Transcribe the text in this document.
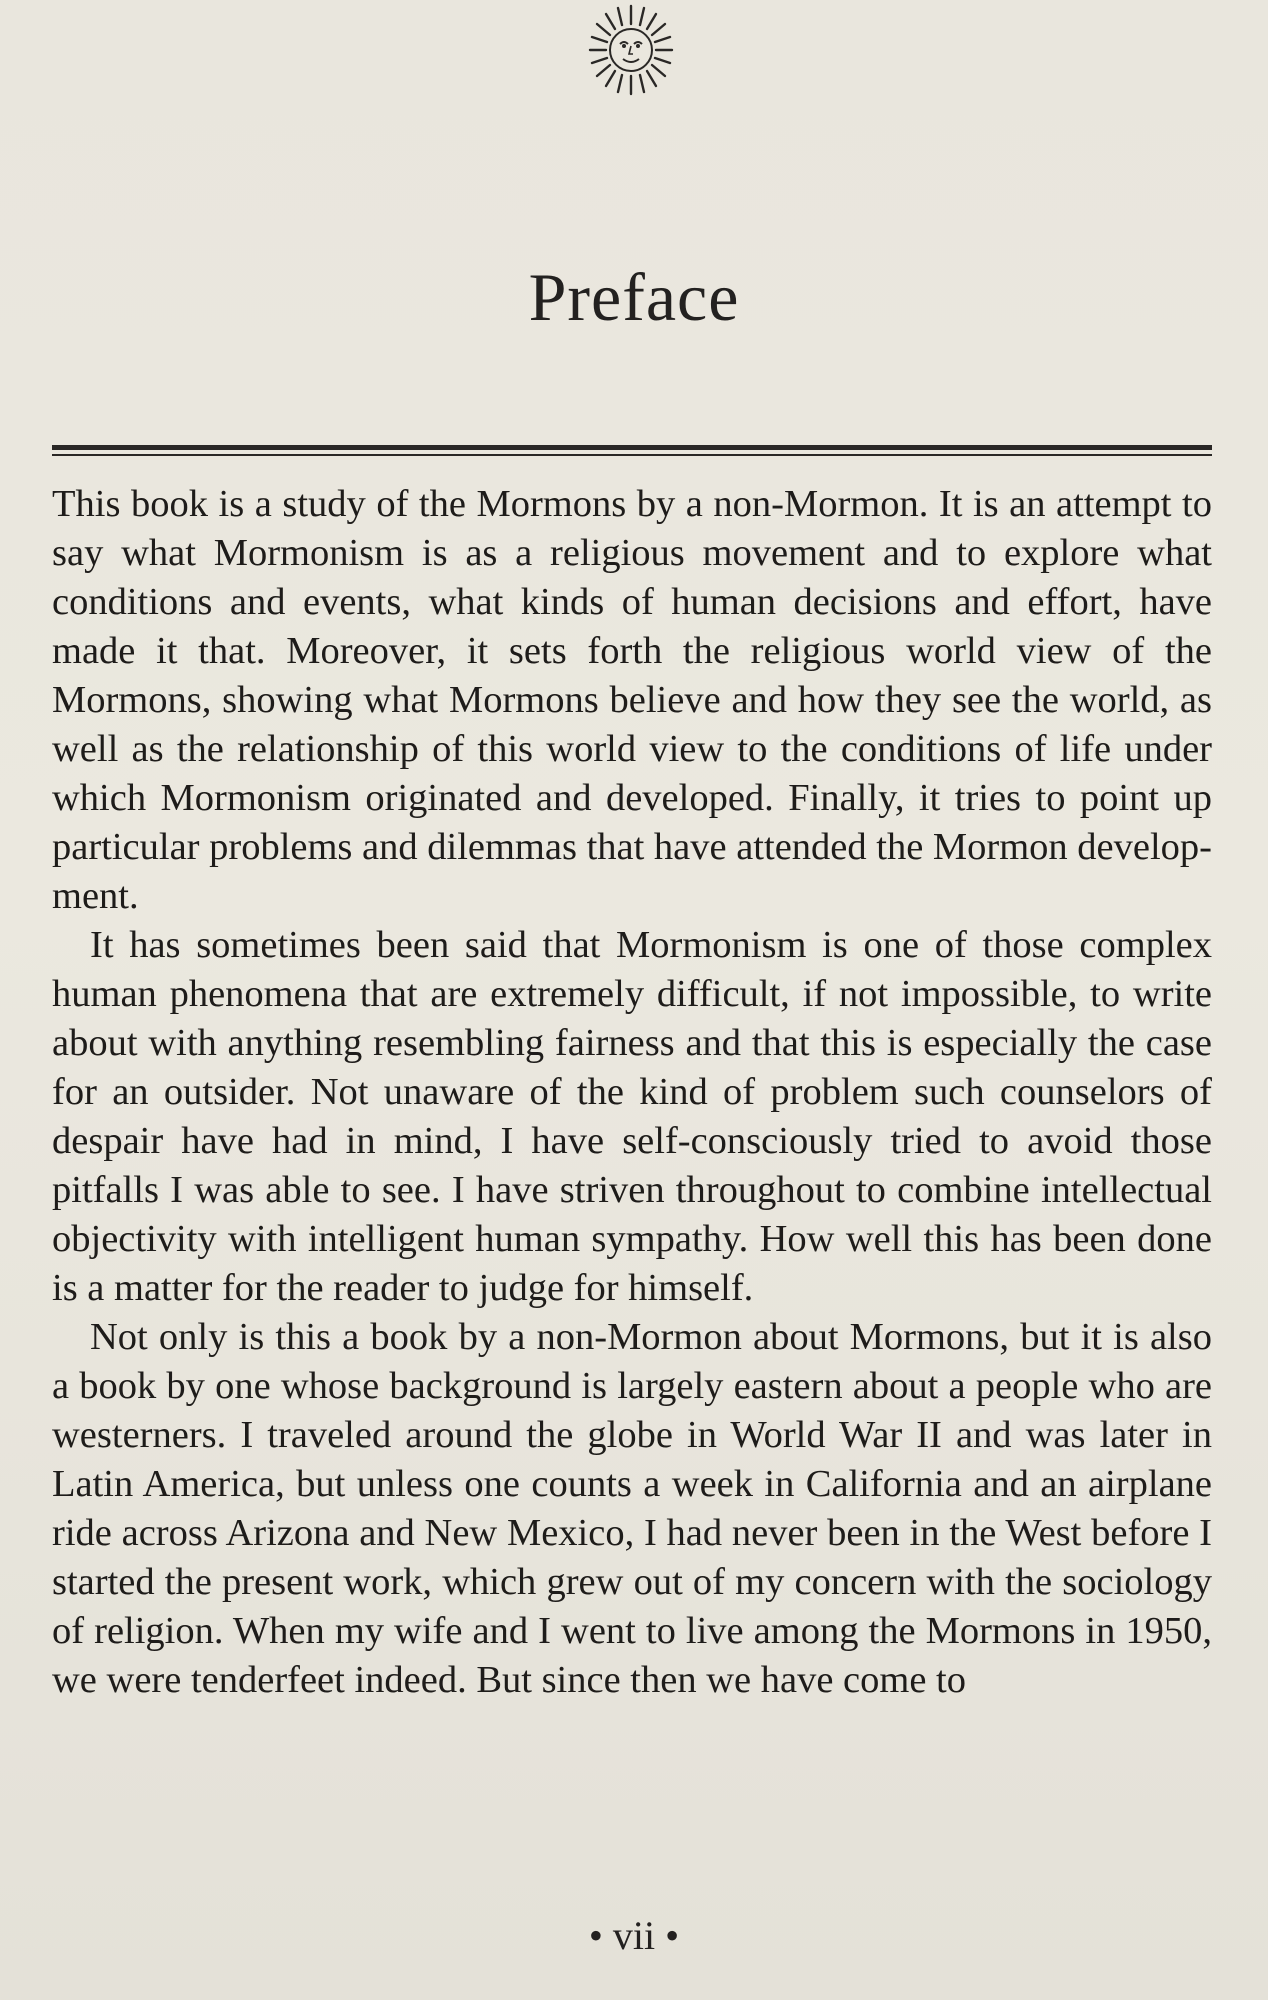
Preface

This book is a study of the Mormons by a non-Mormon. It is an attempt to say what Mormonism is as a religious movement and to explore what conditions and events, what kinds of human decisions and effort, have made it that. Moreover, it sets forth the religious world view of the Mormons, showing what Mormons believe and how they see the world, as well as the relationship of this world view to the conditions of life under which Mormonism originated and developed. Finally, it tries to point up particular problems and dilemmas that have attended the Mormon development.

It has sometimes been said that Mormonism is one of those complex human phenomena that are extremely difficult, if not impossible, to write about with anything resembling fairness and that this is especially the case for an outsider. Not unaware of the kind of problem such counselors of despair have had in mind, I have self-consciously tried to avoid those pitfalls I was able to see. I have striven throughout to combine intellectual objectivity with intelligent human sympathy. How well this has been done is a matter for the reader to judge for himself.

Not only is this a book by a non-Mormon about Mormons, but it is also a book by one whose background is largely eastern about a people who are westerners. I traveled around the globe in World War II and was later in Latin America, but unless one counts a week in California and an airplane ride across Arizona and New Mexico, I had never been in the West before I started the present work, which grew out of my concern with the sociology of religion. When my wife and I went to live among the Mormons in 1950, we were tenderfeet indeed. But since then we have come to

• vii •
